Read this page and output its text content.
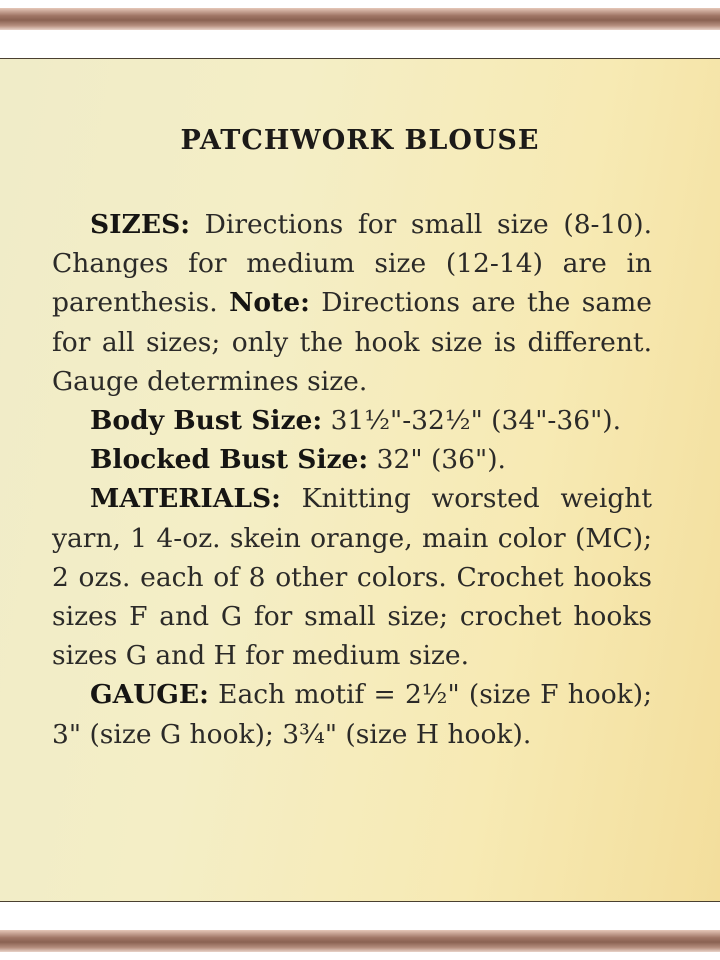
PATCHWORK BLOUSE

SIZES: Directions for small size (8-10). Changes for medium size (12-14) are in parenthesis. Note: Directions are the same for all sizes; only the hook size is different. Gauge determines size.

Body Bust Size: 31½"-32½" (34"-36").

Blocked Bust Size: 32" (36").

MATERIALS: Knitting worsted weight yarn, 1 4-oz. skein orange, main color (MC); 2 ozs. each of 8 other colors. Crochet hooks sizes F and G for small size; crochet hooks sizes G and H for medium size.

GAUGE: Each motif = 2½" (size F hook); 3" (size G hook); 3¾" (size H hook).
